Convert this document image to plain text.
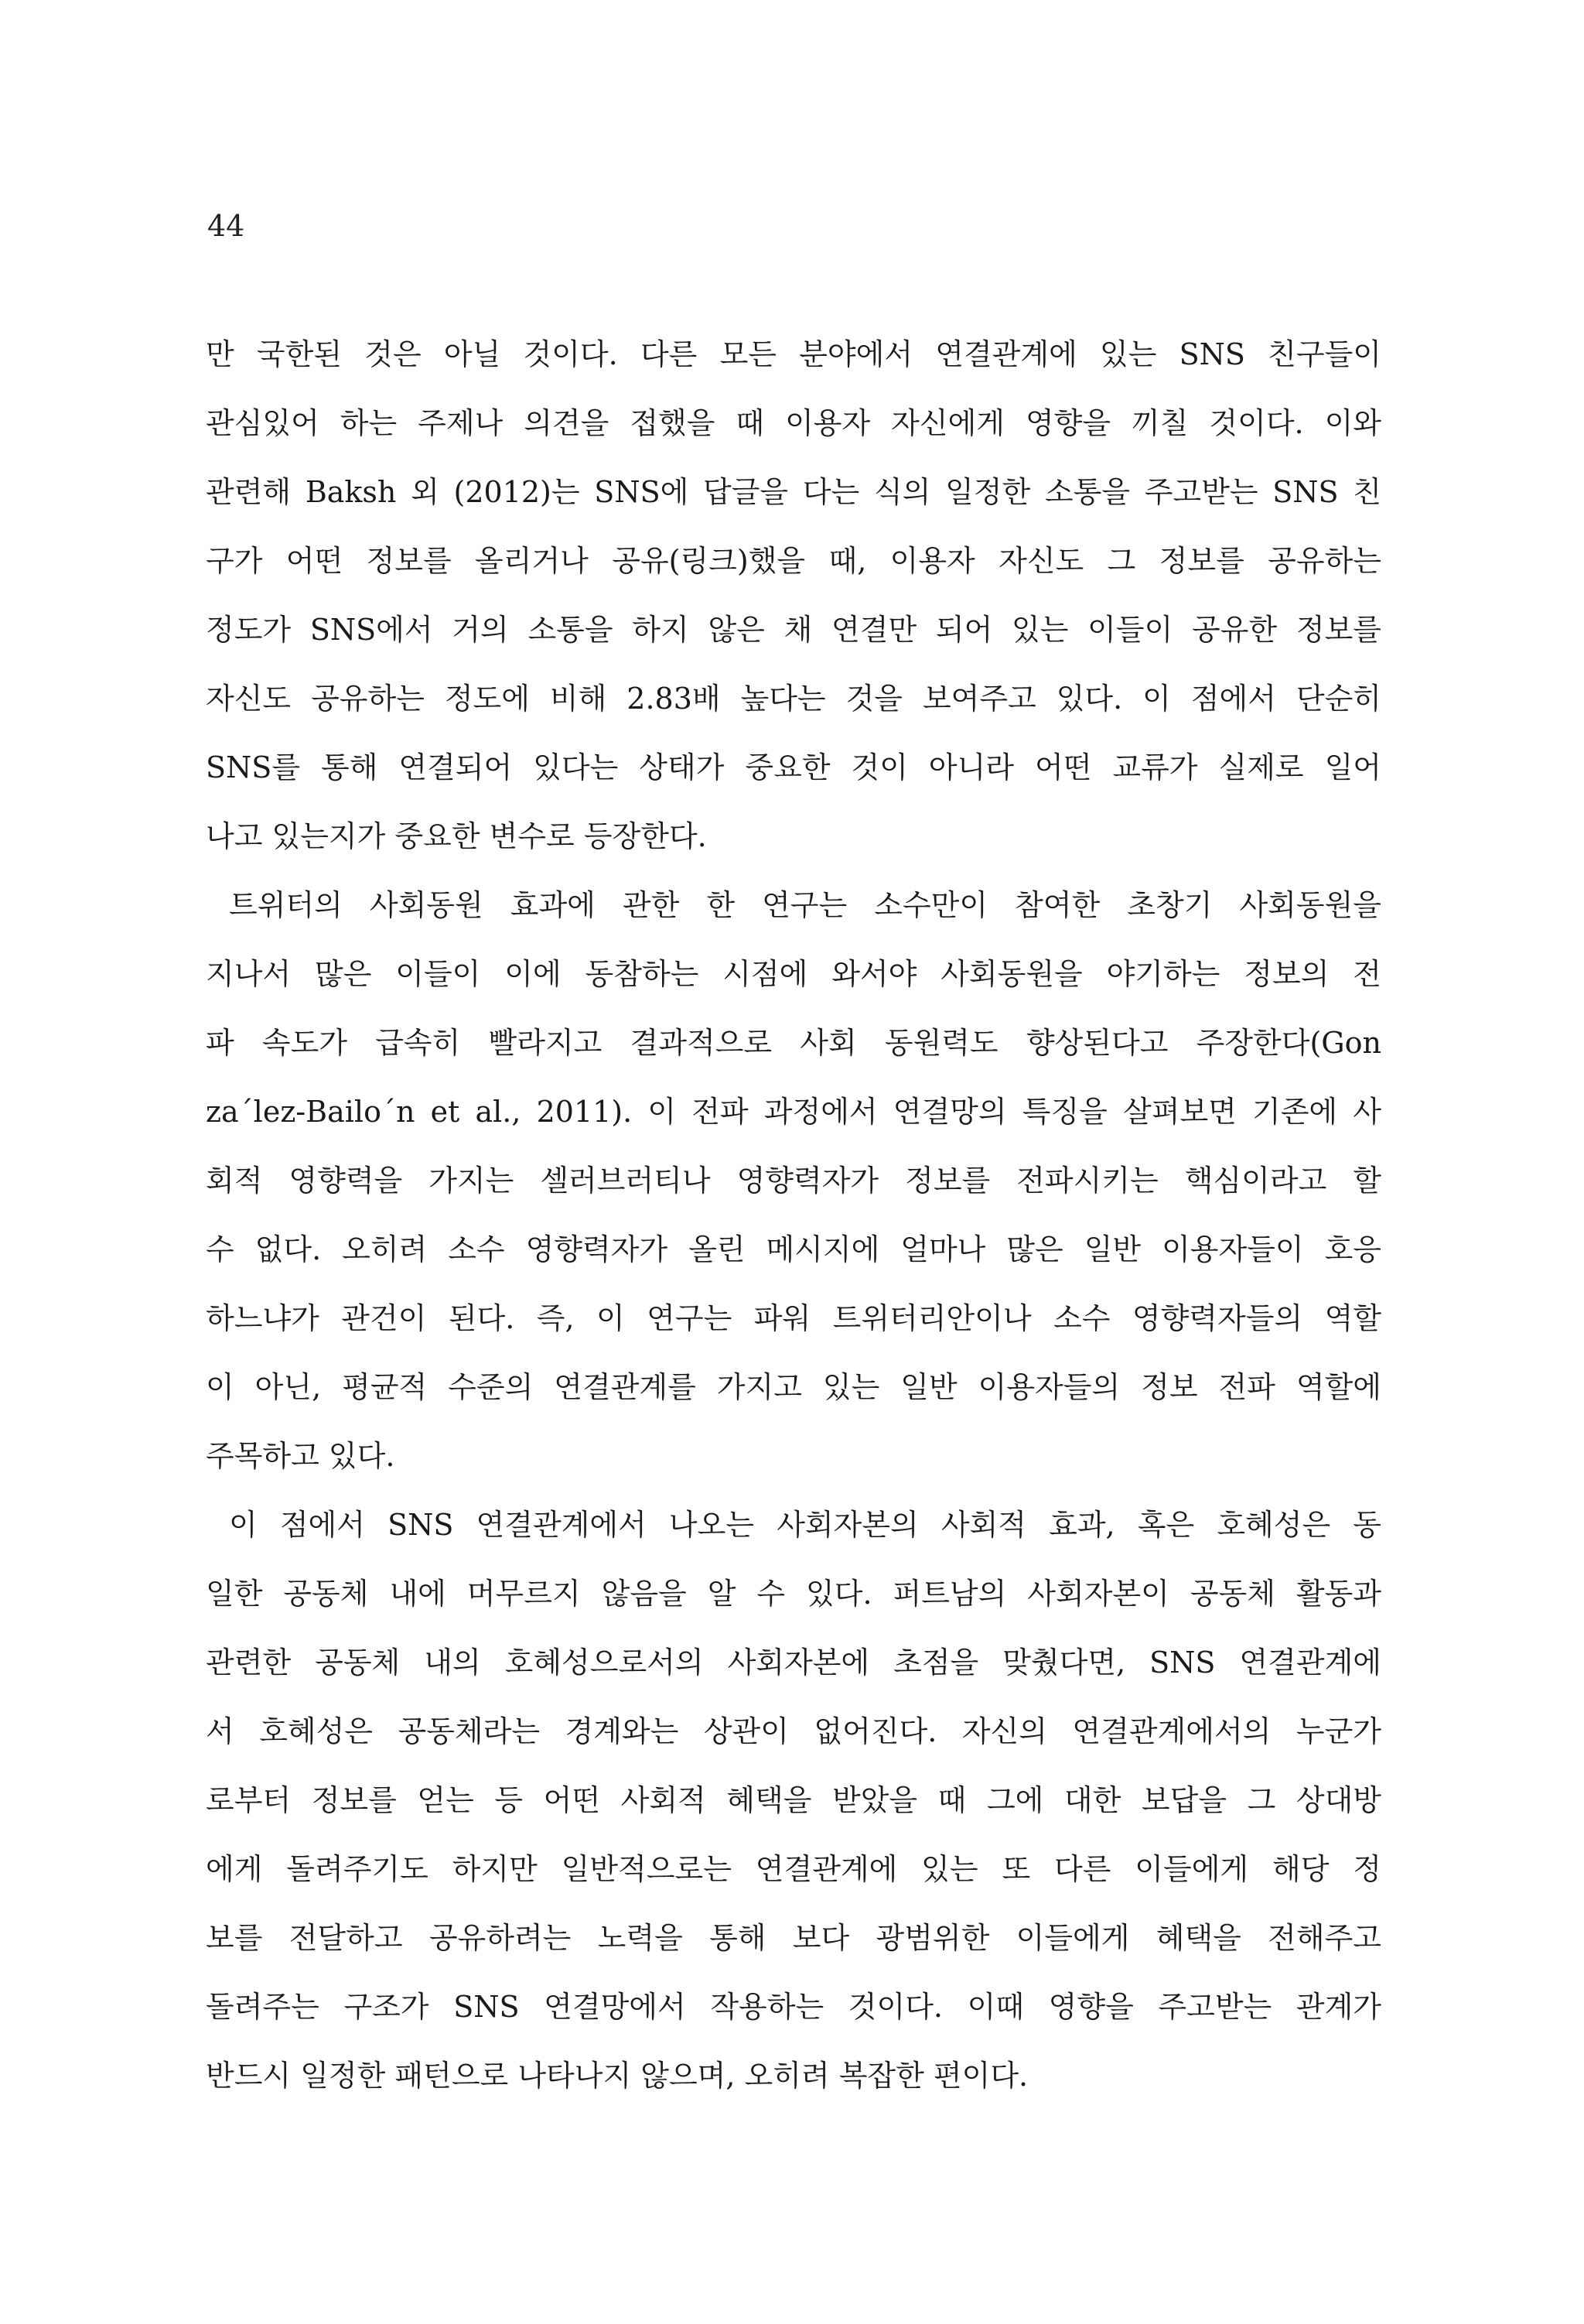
44

만 국한된 것은 아닐 것이다. 다른 모든 분야에서 연결관계에 있는 SNS 친구들이
관심있어 하는 주제나 의견을 접했을 때 이용자 자신에게 영향을 끼칠 것이다. 이와
관련해 Baksh 외 (2012)는 SNS에 답글을 다는 식의 일정한 소통을 주고받는 SNS 친
구가 어떤 정보를 올리거나 공유(링크)했을 때, 이용자 자신도 그 정보를 공유하는
정도가 SNS에서 거의 소통을 하지 않은 채 연결만 되어 있는 이들이 공유한 정보를
자신도 공유하는 정도에 비해 2.83배 높다는 것을 보여주고 있다. 이 점에서 단순히
SNS를 통해 연결되어 있다는 상태가 중요한 것이 아니라 어떤 교류가 실제로 일어
나고 있는지가 중요한 변수로 등장한다.

트위터의 사회동원 효과에 관한 한 연구는 소수만이 참여한 초창기 사회동원을
지나서 많은 이들이 이에 동참하는 시점에 와서야 사회동원을 야기하는 정보의 전
파 속도가 급속히 빨라지고 결과적으로 사회 동원력도 향상된다고 주장한다(Gon
za´lez-Bailo´n et al., 2011). 이 전파 과정에서 연결망의 특징을 살펴보면 기존에 사
회적 영향력을 가지는 셀러브러티나 영향력자가 정보를 전파시키는 핵심이라고 할
수 없다. 오히려 소수 영향력자가 올린 메시지에 얼마나 많은 일반 이용자들이 호응
하느냐가 관건이 된다. 즉, 이 연구는 파워 트위터리안이나 소수 영향력자들의 역할
이 아닌, 평균적 수준의 연결관계를 가지고 있는 일반 이용자들의 정보 전파 역할에
주목하고 있다.

이 점에서 SNS 연결관계에서 나오는 사회자본의 사회적 효과, 혹은 호혜성은 동
일한 공동체 내에 머무르지 않음을 알 수 있다. 퍼트남의 사회자본이 공동체 활동과
관련한 공동체 내의 호혜성으로서의 사회자본에 초점을 맞췄다면, SNS 연결관계에
서 호혜성은 공동체라는 경계와는 상관이 없어진다. 자신의 연결관계에서의 누군가
로부터 정보를 얻는 등 어떤 사회적 혜택을 받았을 때 그에 대한 보답을 그 상대방
에게 돌려주기도 하지만 일반적으로는 연결관계에 있는 또 다른 이들에게 해당 정
보를 전달하고 공유하려는 노력을 통해 보다 광범위한 이들에게 혜택을 전해주고
돌려주는 구조가 SNS 연결망에서 작용하는 것이다. 이때 영향을 주고받는 관계가
반드시 일정한 패턴으로 나타나지 않으며, 오히려 복잡한 편이다.
